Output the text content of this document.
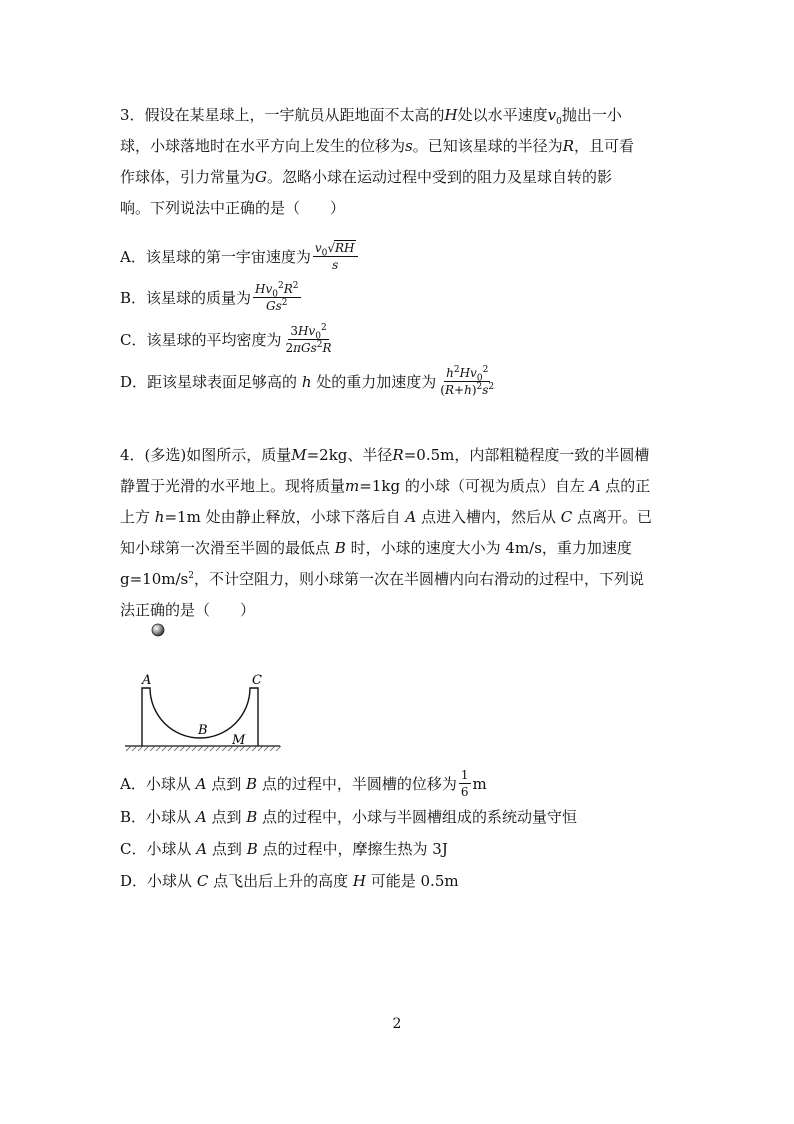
3．假设在某星球上，一宇航员从距地面不太高的H处以水平速度$v_0$抛出一小
球，小球落地时在水平方向上发生的位移为s。已知该星球的半径为R，且可看
作球体，引力常量为G。忽略小球在运动过程中受到的阻力及星球自转的影
响。下列说法中正确的是（　　）
A．该星球的第一宇宙速度为 $\frac{v_0√RH}{s}$
B．该星球的质量为 $\frac{Hv_0^2R^2}{Gs^2}$
C．该星球的平均密度为 $\frac{3Hv_0^2}{2\pi Gs^2R}$
D．距该星球表面足够高的
h
处的重力加速度为 $\frac{h^2Hv_0^2}{(R+h)^2s^2}$
4．(多选)如图所示，质量M=2kg、半径R=0.5m，内部粗糙程度一致的半圆槽
静置于光滑的水平地上。现将质量m=1kg 的小球（可视为质点）自左 A 点的正
上方 h=1m 处由静止释放，小球下落后自 A 点进入槽内，然后从 C 点离开。已
知小球第一次滑至半圆的最低点 B 时，小球的速度大小为 4m/s，重力加速度
$g=10m/s^2$，不计空阻力，则小球第一次在半圆槽内向右滑动的过程中，下列说
法正确的是（　　）
A	C
B
M
A．小球从
A
点到
B
点的过程中，半圆槽的位移为 $\frac{1}{6}$ m
B．小球从
A
点到
B
点的过程中，小球与半圆槽组成的系统动量守恒
C．小球从
A
点到
B
点的过程中，摩擦生热为 3J
D．小球从
C
点飞出后上升的高度
H
可能是 0.5m
2
